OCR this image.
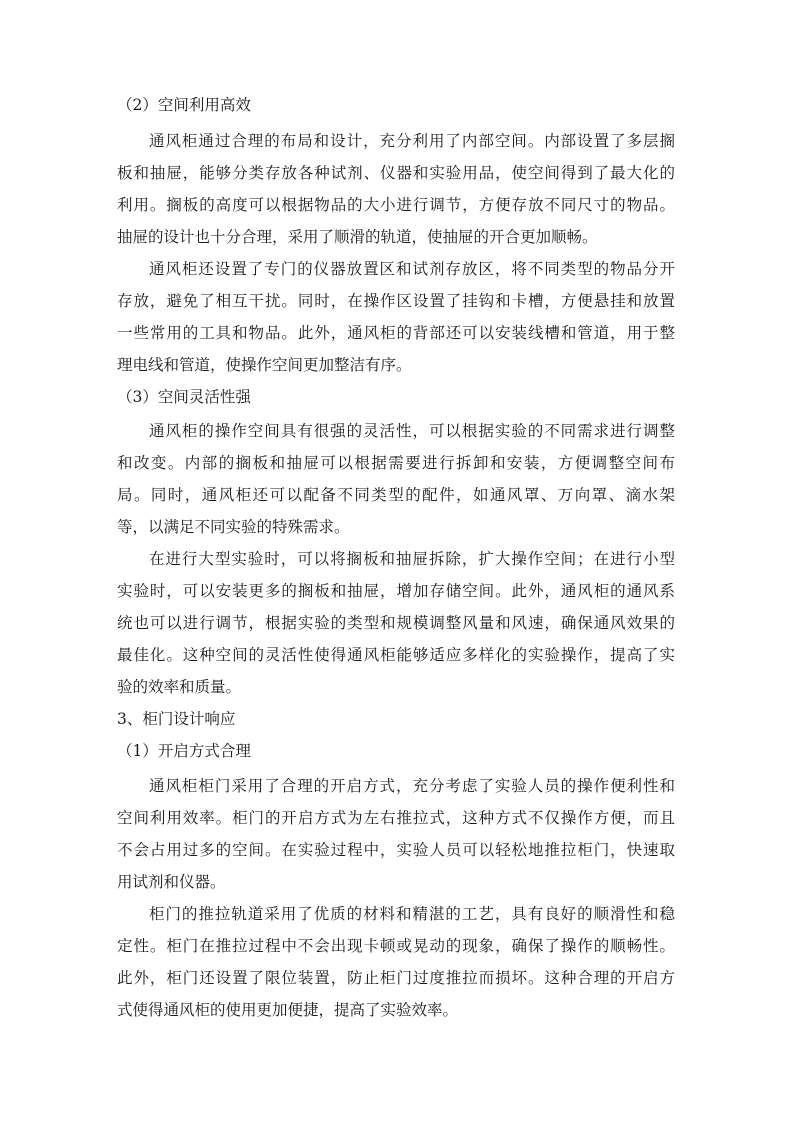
（2）空间利用高效

通风柜通过合理的布局和设计，充分利用了内部空间。内部设置了多层搁

板和抽屉，能够分类存放各种试剂、仪器和实验用品，使空间得到了最大化的

利用。搁板的高度可以根据物品的大小进行调节，方便存放不同尺寸的物品。

抽屉的设计也十分合理，采用了顺滑的轨道，使抽屉的开合更加顺畅。

通风柜还设置了专门的仪器放置区和试剂存放区，将不同类型的物品分开

存放，避免了相互干扰。同时，在操作区设置了挂钩和卡槽，方便悬挂和放置

一些常用的工具和物品。此外，通风柜的背部还可以安装线槽和管道，用于整

理电线和管道，使操作空间更加整洁有序。

（3）空间灵活性强

通风柜的操作空间具有很强的灵活性，可以根据实验的不同需求进行调整

和改变。内部的搁板和抽屉可以根据需要进行拆卸和安装，方便调整空间布

局。同时，通风柜还可以配备不同类型的配件，如通风罩、万向罩、滴水架

等，以满足不同实验的特殊需求。

在进行大型实验时，可以将搁板和抽屉拆除，扩大操作空间；在进行小型

实验时，可以安装更多的搁板和抽屉，增加存储空间。此外，通风柜的通风系

统也可以进行调节，根据实验的类型和规模调整风量和风速，确保通风效果的

最佳化。这种空间的灵活性使得通风柜能够适应多样化的实验操作，提高了实

验的效率和质量。

3、柜门设计响应

（1）开启方式合理

通风柜柜门采用了合理的开启方式，充分考虑了实验人员的操作便利性和

空间利用效率。柜门的开启方式为左右推拉式，这种方式不仅操作方便，而且

不会占用过多的空间。在实验过程中，实验人员可以轻松地推拉柜门，快速取

用试剂和仪器。

柜门的推拉轨道采用了优质的材料和精湛的工艺，具有良好的顺滑性和稳

定性。柜门在推拉过程中不会出现卡顿或晃动的现象，确保了操作的顺畅性。

此外，柜门还设置了限位装置，防止柜门过度推拉而损坏。这种合理的开启方

式使得通风柜的使用更加便捷，提高了实验效率。
